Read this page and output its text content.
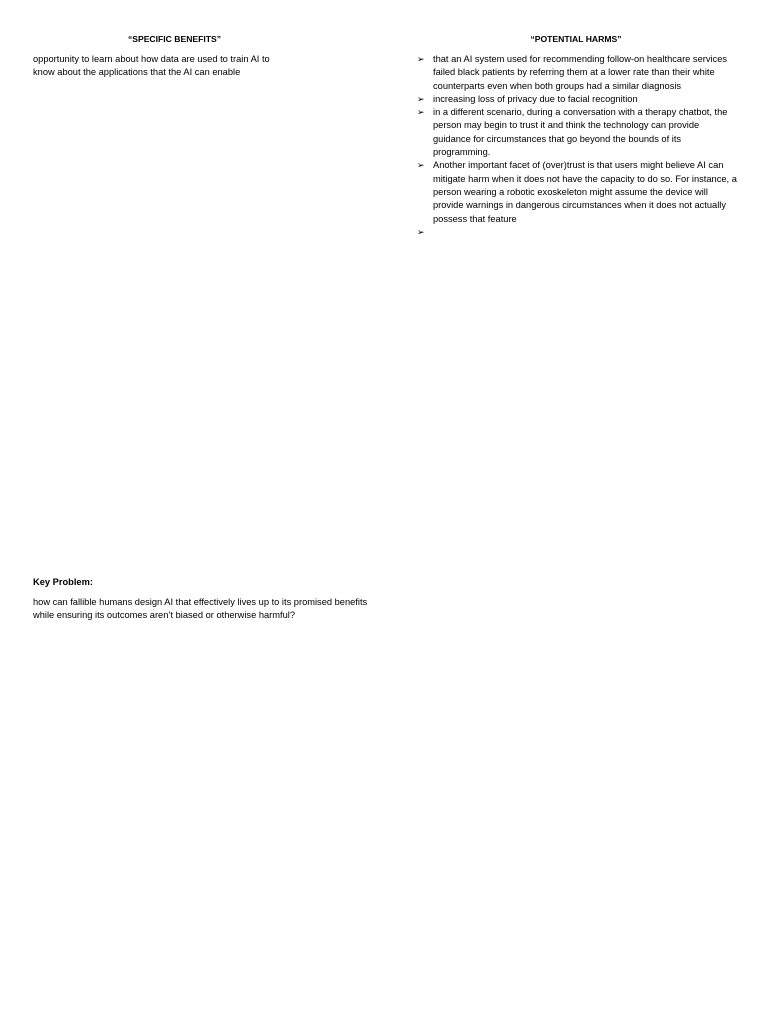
“SPECIFIC BENEFITS”	“POTENTIAL HARMS”

opportunity to learn about how data are used to train AI to know about the applications that the AI can enable

➢ that an AI system used for recommending follow-on healthcare services failed black patients by referring them at a lower rate than their white counterparts even when both groups had a similar diagnosis
➢ increasing loss of privacy due to facial recognition
➢ in a different scenario, during a conversation with a therapy chatbot, the person may begin to trust it and think the technology can provide guidance for circumstances that go beyond the bounds of its programming.
➢ Another important facet of (over)trust is that users might believe AI can mitigate harm when it does not have the capacity to do so. For instance, a person wearing a robotic exoskeleton might assume the device will provide warnings in dangerous circumstances when it does not actually possess that feature
➢

Key Problem:

how can fallible humans design AI that effectively lives up to its promised benefits while ensuring its outcomes aren’t biased or otherwise harmful?
